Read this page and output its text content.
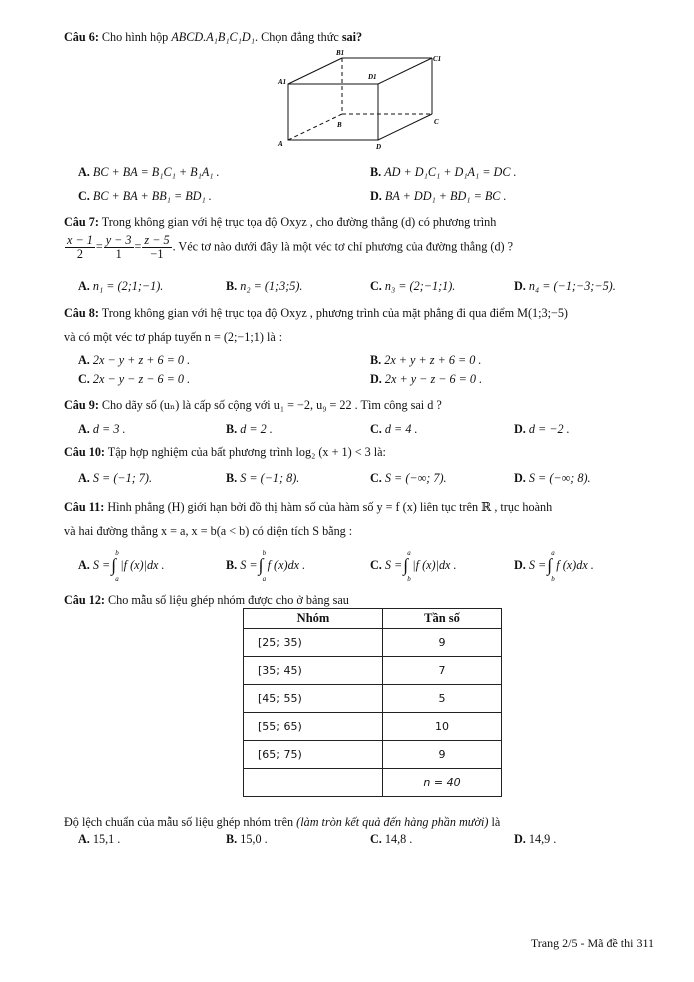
Câu 6: Cho hình hộp ABCD.A₁B₁C₁D₁. Chọn đẳng thức sai?
B1
C1
A1
D1
B	C
A	D
A. BC + BA = B₁C₁ + B₁A₁ .	B. AD + D₁C₁ + D₁A₁ = DC .
C. BC + BA + BB₁ = BD₁ .	D. BA + DD₁ + BD₁ = BC .
Câu 7: Trong không gian với hệ trục tọa độ Oxyz , cho đường thẳng (d) có phương trình
$\frac{x - 1}{2} = \frac{y - 3}{1} = \frac{z - 5}{-1}$ . Véc tơ nào dưới đây là một véc tơ chỉ phương của đường thẳng (d) ?
A. n₁ = (2;1;−1).	B. n₂ = (1;3;5).	C. n₃ = (2;−1;1).	D. n₄ = (−1;−3;−5).
Câu 8: Trong không gian với hệ trục tọa độ Oxyz , phương trình của mặt phẳng đi qua điểm M(1;3;−5)
và có một véc tơ pháp tuyến n = (2;−1;1) là :
A. 2x − y + z + 6 = 0 .	B. 2x + y + z + 6 = 0 .
C. 2x − y − z − 6 = 0 .	D. 2x + y − z − 6 = 0 .
Câu 9: Cho dãy số (uₙ) là cấp số cộng với u₁ = −2, u₉ = 22 . Tìm công sai d ?
A. d = 3 .	B. d = 2 .	C. d = 4 .	D. d = −2 .
Câu 10: Tập hợp nghiệm của bất phương trình log₂ (x + 1) < 3 là:
A. S = (−1; 7).	B. S = (−1; 8).	C. S = (−∞; 7).	D. S = (−∞; 8).
Câu 11: Hình phẳng (H) giới hạn bởi đồ thị hàm số của hàm số y = f (x) liên tục trên ℝ , trục hoành
và hai đường thẳng x = a, x = b(a < b) có diện tích S bằng :
A. S =
b
∫
a
|f (x)|dx .	B. S =
b
∫
a
f (x)dx .	C. S =
a
∫
b
|f (x)|dx .	D. S =
a
∫
b
f (x)dx .
Câu 12: Cho mẫu số liệu ghép nhóm được cho ở bảng sau
Nhóm	Tần số
[25; 35)	9
[35; 45)	7
[45; 55)	5
[55; 65)	10
[65; 75)	9
	n = 40
Độ lệch chuẩn của mẫu số liệu ghép nhóm trên (làm tròn kết quả đến hàng phần mười) là
A. 15,1 .	B. 15,0 .	C. 14,8 .	D. 14,9 .
Trang 2/5 - Mã đề thi 311
